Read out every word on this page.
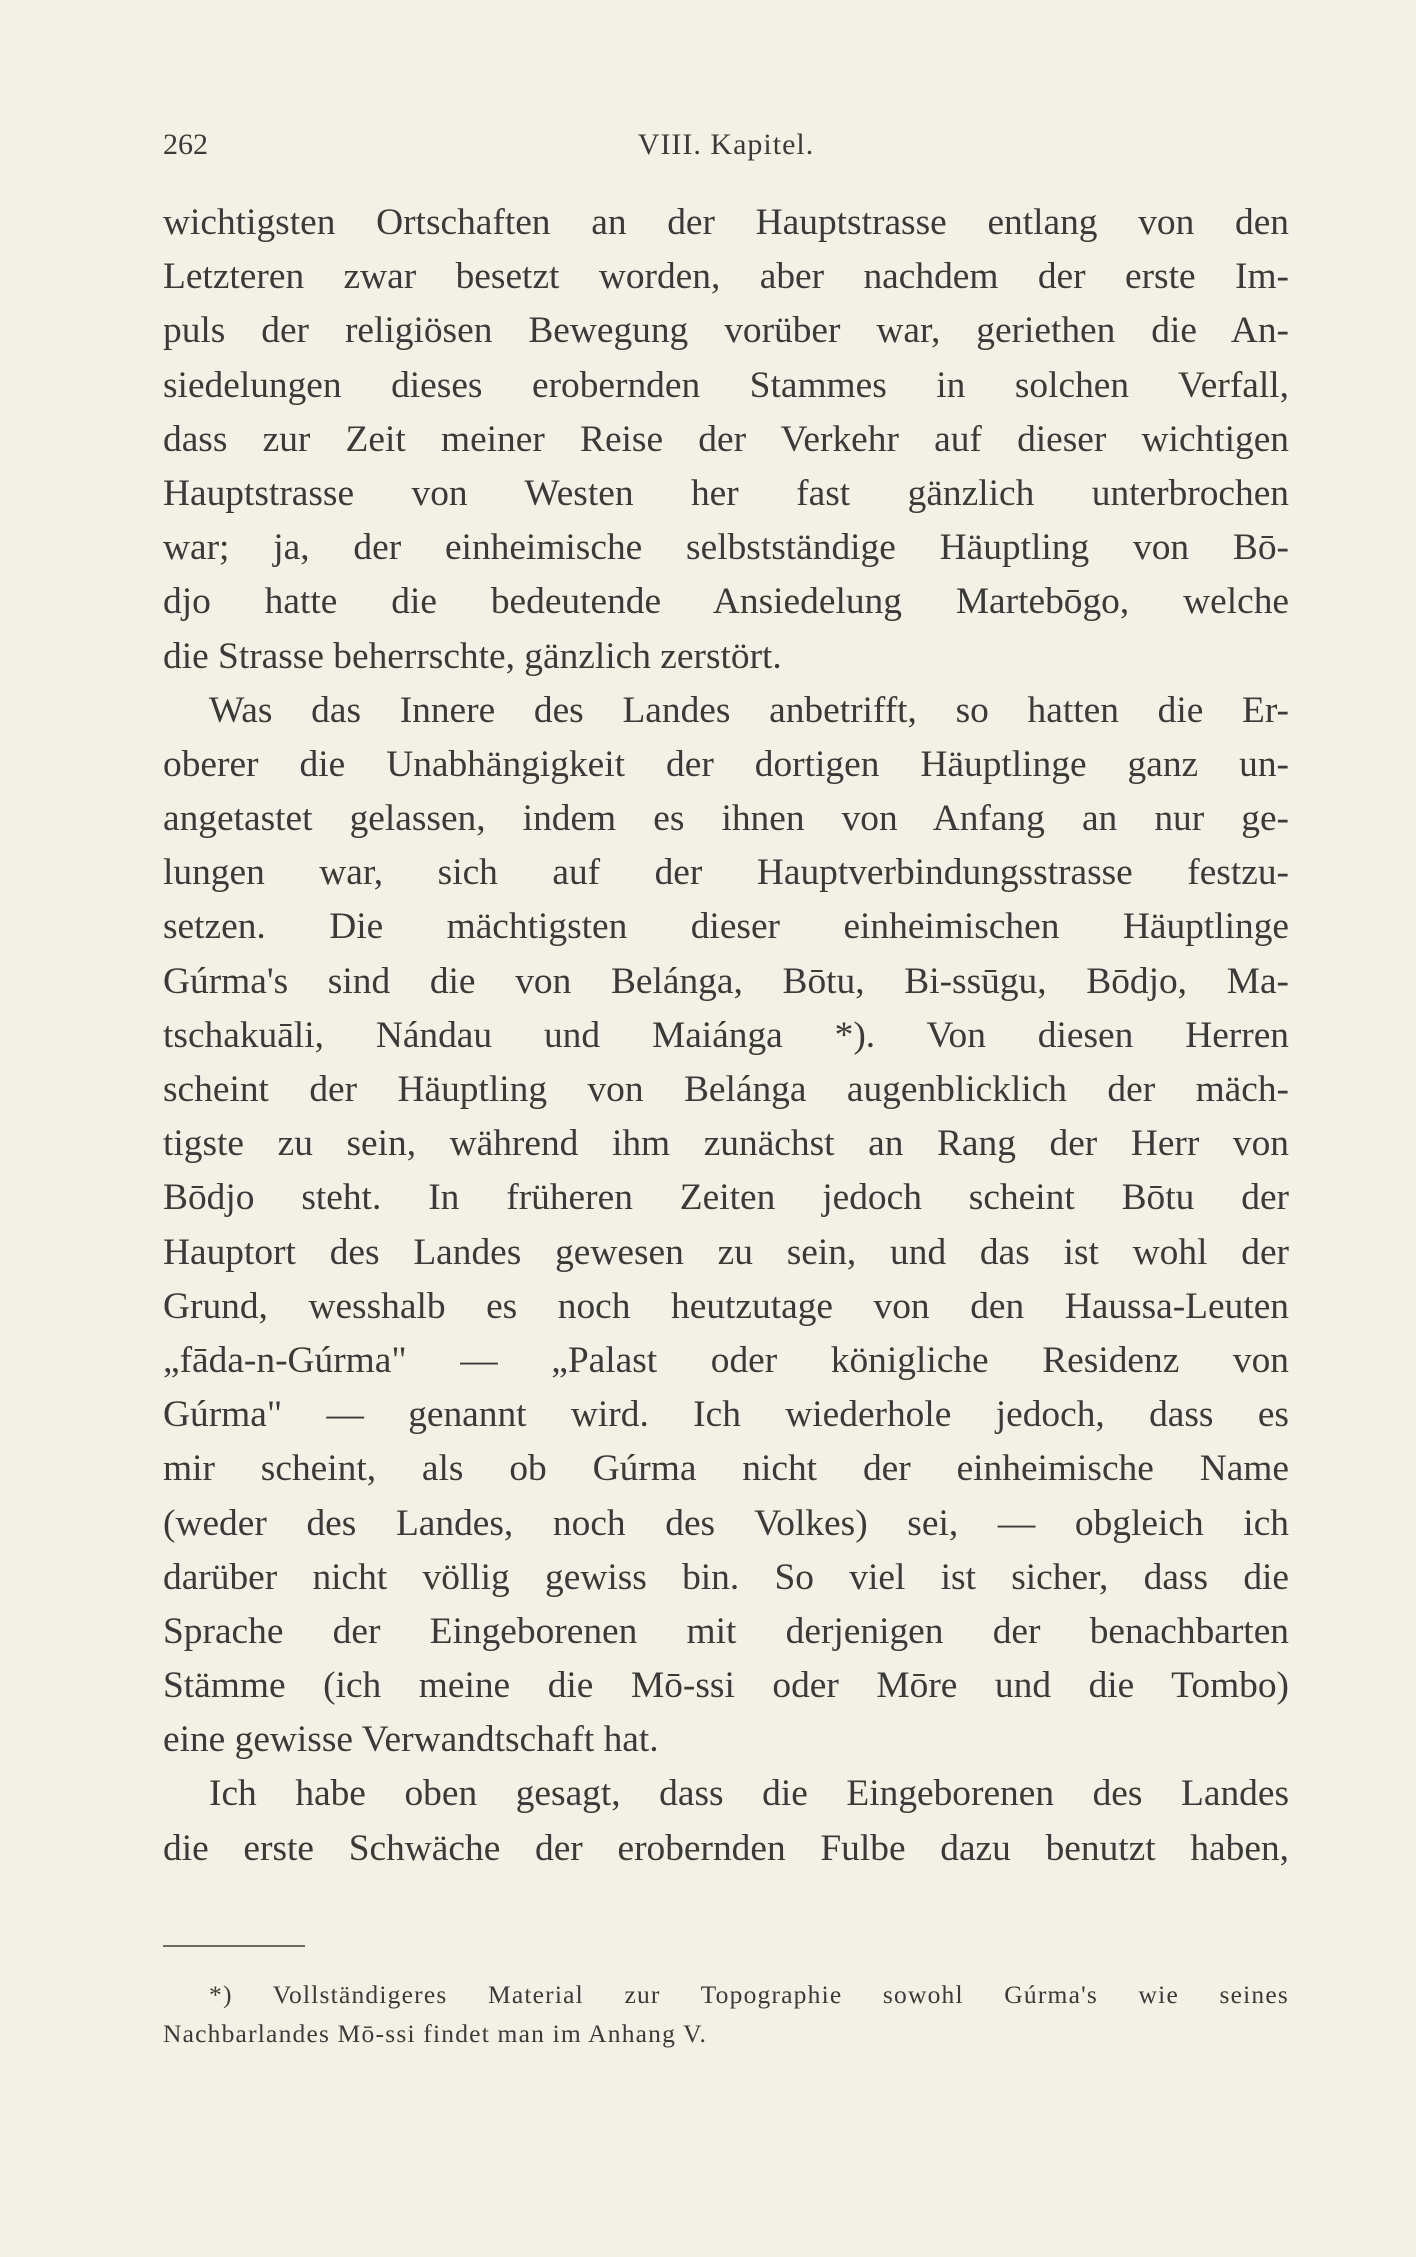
262	VIII. Kapitel.
wichtigsten Ortschaften an der Hauptstrasse entlang von den
Letzteren zwar besetzt worden, aber nachdem der erste Im-
puls der religiösen Bewegung vorüber war, geriethen die An-
siedelungen dieses erobernden Stammes in solchen Verfall,
dass zur Zeit meiner Reise der Verkehr auf dieser wichtigen
Hauptstrasse von Westen her fast gänzlich unterbrochen
war; ja, der einheimische selbstständige Häuptling von Bō-
djo hatte die bedeutende Ansiedelung Martebōgo, welche
die Strasse beherrschte, gänzlich zerstört.
Was das Innere des Landes anbetrifft, so hatten die Er-
oberer die Unabhängigkeit der dortigen Häuptlinge ganz un-
angetastet gelassen, indem es ihnen von Anfang an nur ge-
lungen war, sich auf der Hauptverbindungsstrasse festzu-
setzen. Die mächtigsten dieser einheimischen Häuptlinge
Gúrma's sind die von Belánga, Bōtu, Bi-ssūgu, Bōdjo, Ma-
tschakuāli, Nándau und Maiánga *). Von diesen Herren
scheint der Häuptling von Belánga augenblicklich der mäch-
tigste zu sein, während ihm zunächst an Rang der Herr von
Bōdjo steht. In früheren Zeiten jedoch scheint Bōtu der
Hauptort des Landes gewesen zu sein, und das ist wohl der
Grund, wesshalb es noch heutzutage von den Haussa-Leuten
„fāda-n-Gúrma" — „Palast oder königliche Residenz von
Gúrma" — genannt wird. Ich wiederhole jedoch, dass es
mir scheint, als ob Gúrma nicht der einheimische Name
(weder des Landes, noch des Volkes) sei, — obgleich ich
darüber nicht völlig gewiss bin. So viel ist sicher, dass die
Sprache der Eingeborenen mit derjenigen der benachbarten
Stämme (ich meine die Mō-ssi oder Mōre und die Tombo)
eine gewisse Verwandtschaft hat.
Ich habe oben gesagt, dass die Eingeborenen des Landes
die erste Schwäche der erobernden Fulbe dazu benutzt haben,
*) Vollständigeres Material zur Topographie sowohl Gúrma's wie seines
Nachbarlandes Mō-ssi findet man im Anhang V.
